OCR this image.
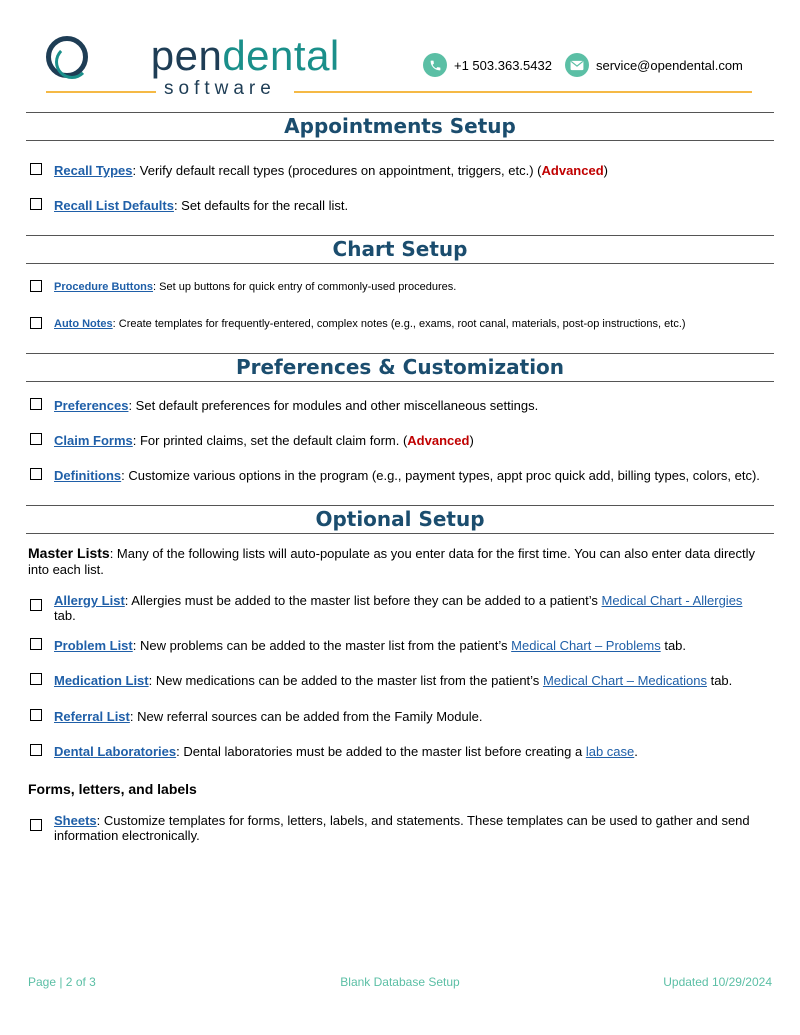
pendental
software
+1 503.363.5432	service@opendental.com
Appointments Setup
Recall Types: Verify default recall types (procedures on appointment, triggers, etc.) (Advanced)
Recall List Defaults: Set defaults for the recall list.
Chart Setup
Procedure Buttons: Set up buttons for quick entry of commonly-used procedures.
Auto Notes: Create templates for frequently-entered, complex notes (e.g., exams, root canal, materials, post-op instructions, etc.)
Preferences & Customization
Preferences: Set default preferences for modules and other miscellaneous settings.
Claim Forms: For printed claims, set the default claim form. (Advanced)
Definitions: Customize various options in the program (e.g., payment types, appt proc quick add, billing types, colors, etc).
Optional Setup
Master Lists: Many of the following lists will auto-populate as you enter data for the first time. You can also enter data directly into each list.
Allergy List: Allergies must be added to the master list before they can be added to a patient’s Medical Chart - Allergies
tab.
Problem List: New problems can be added to the master list from the patient’s Medical Chart – Problems tab.
Medication List: New medications can be added to the master list from the patient’s Medical Chart – Medications tab.
Referral List: New referral sources can be added from the Family Module.
Dental Laboratories: Dental laboratories must be added to the master list before creating a lab case.
Forms, letters, and labels
Sheets: Customize templates for forms, letters, labels, and statements. These templates can be used to gather and send information electronically.
Page | 2 of 3	Blank Database Setup	Updated 10/29/2024
